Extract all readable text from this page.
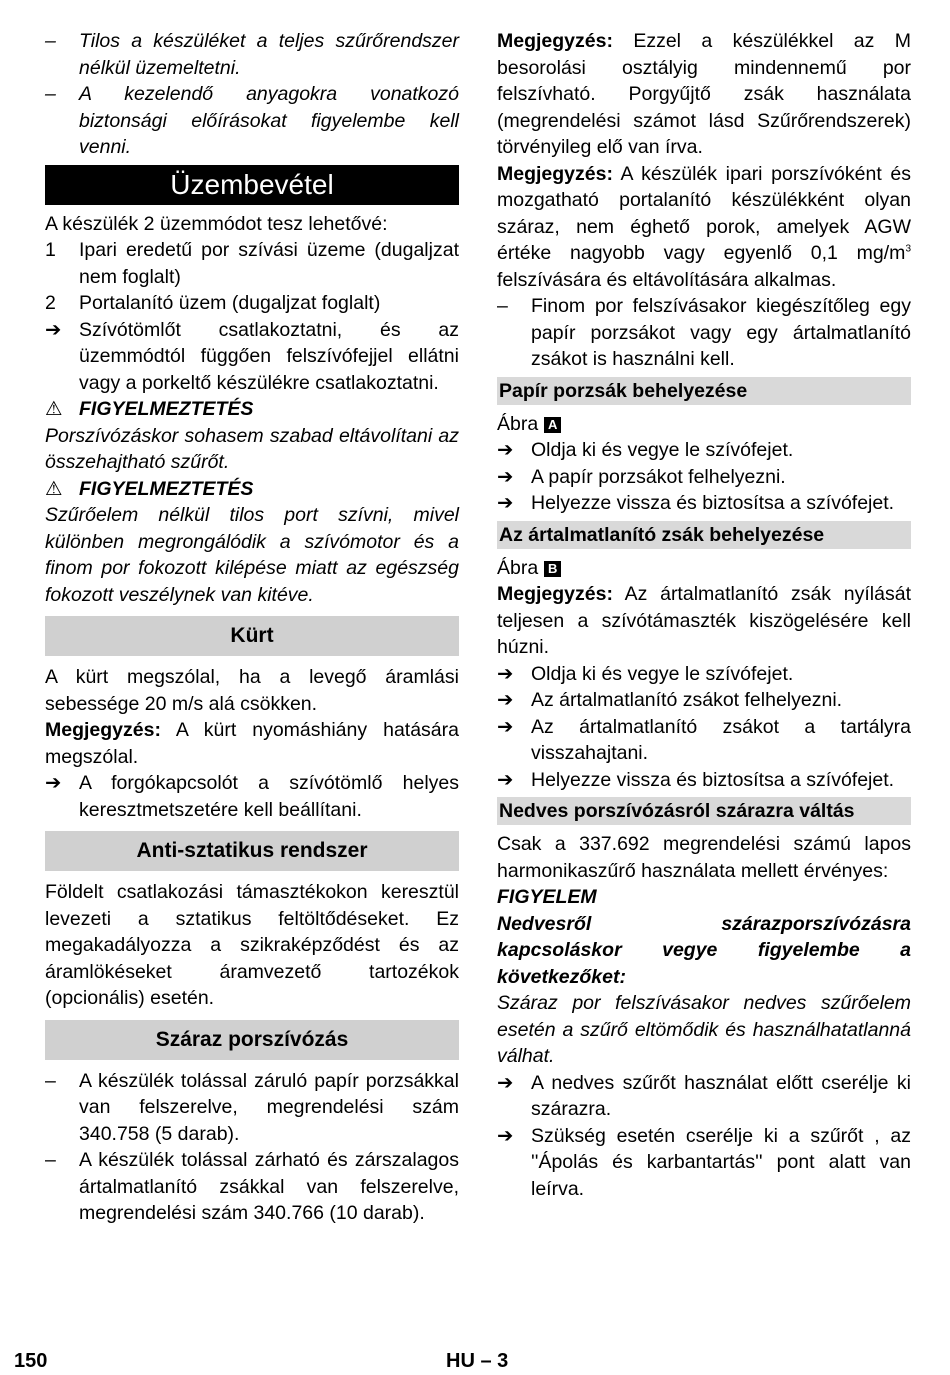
–	Tilos a készüléket a teljes szűrőrendszer nélkül üzemeltetni.
–	A kezelendő anyagokra vonatkozó biztonsági előírásokat figyelembe kell venni.
Üzembevétel

A készülék 2 üzemmódot tesz lehetővé:

1	Ipari eredetű por szívási üzeme (dugaljzat nem foglalt)
2	Portalanító üzem (dugaljzat foglalt)
➔ Szívótömlőt csatlakoztatni, és az üzemmódtól függően felszívófejjel ellátni vagy a porkeltő készülékre csatlakoztatni.

⚠ FIGYELMEZTETÉS

Porszívózáskor sohasem szabad eltávolítani az összehajtható szűrőt.

⚠ FIGYELMEZTETÉS

Szűrőelem nélkül tilos port szívni, mivel különben megrongálódik a szívómotor és a finom por fokozott kilépése miatt az egészség fokozott veszélynek van kitéve.

Kürt

A kürt megszólal, ha a levegő áramlási sebessége 20 m/s alá csökken.

Megjegyzés: A kürt nyomáshiány hatására megszólal.

➔ A forgókapcsolót a szívótömlő helyes keresztmetszetére kell beállítani.
Anti-sztatikus rendszer

Földelt csatlakozási támasztékokon keresztül levezeti a sztatikus feltöltődéseket. Ez megakadályozza a szikraképződést és az áramlökéseket áramvezető tartozékok (opcionális) esetén.

Száraz porszívózás
–	A készülék tolással záruló papír porzsákkal van felszerelve, megrendelési szám 340.758 (5 darab).
–	A készülék tolással zárható és zárszalagos ártalmatlanító zsákkal van felszerelve, megrendelési szám 340.766 (10 darab).

Megjegyzés: Ezzel a készülékkel az M besorolási osztályig mindennemű por felszívható. Porgyűjtő zsák használata (megrendelési számot lásd Szűrőrendszerek) törvényileg elő van írva.

Megjegyzés: A készülék ipari porszívóként és mozgatható portalanító készülékként olyan száraz, nem éghető porok, amelyek AGW értéke nagyobb vagy egyenlő 0,1 $mg/m^3$ felszívására és eltávolítására alkalmas.

–	Finom por felszívásakor kiegészítőleg egy papír porzsákot vagy egy ártalmatlanító zsákot is használni kell.
Papír porzsák behelyezése

Ábra A

➔ Oldja ki és vegye le szívófejet.
➔ A papír porzsákot felhelyezni.
➔ Helyezze vissza és biztosítsa a szívófejet.
Az ártalmatlanító zsák behelyezése

Ábra B

Megjegyzés: Az ártalmatlanító zsák nyílását teljesen a szívótámaszték kiszögelésére kell húzni.

➔ Oldja ki és vegye le szívófejet.
➔ Az ártalmatlanító zsákot felhelyezni.
➔ Az ártalmatlanító zsákot a tartályra visszahajtani.
➔ Helyezze vissza és biztosítsa a szívófejet.
Nedves porszívózásról szárazra váltás

Csak a 337.692 megrendelési számú lapos harmonikaszűrő használata mellett érvényes:

FIGYELEM

Nedvesről szárazporszívózásra kapcsoláskor vegye figyelembe a következőket:

Száraz por felszívásakor nedves szűrőelem esetén a szűrő eltömődik és használhatatlanná válhat.

➔ A nedves szűrőt használat előtt cserélje ki szárazra.
➔ Szükség esetén cserélje ki a szűrőt , az ''Ápolás és karbantartás'' pont alatt van leírva.
150	HU – 3
